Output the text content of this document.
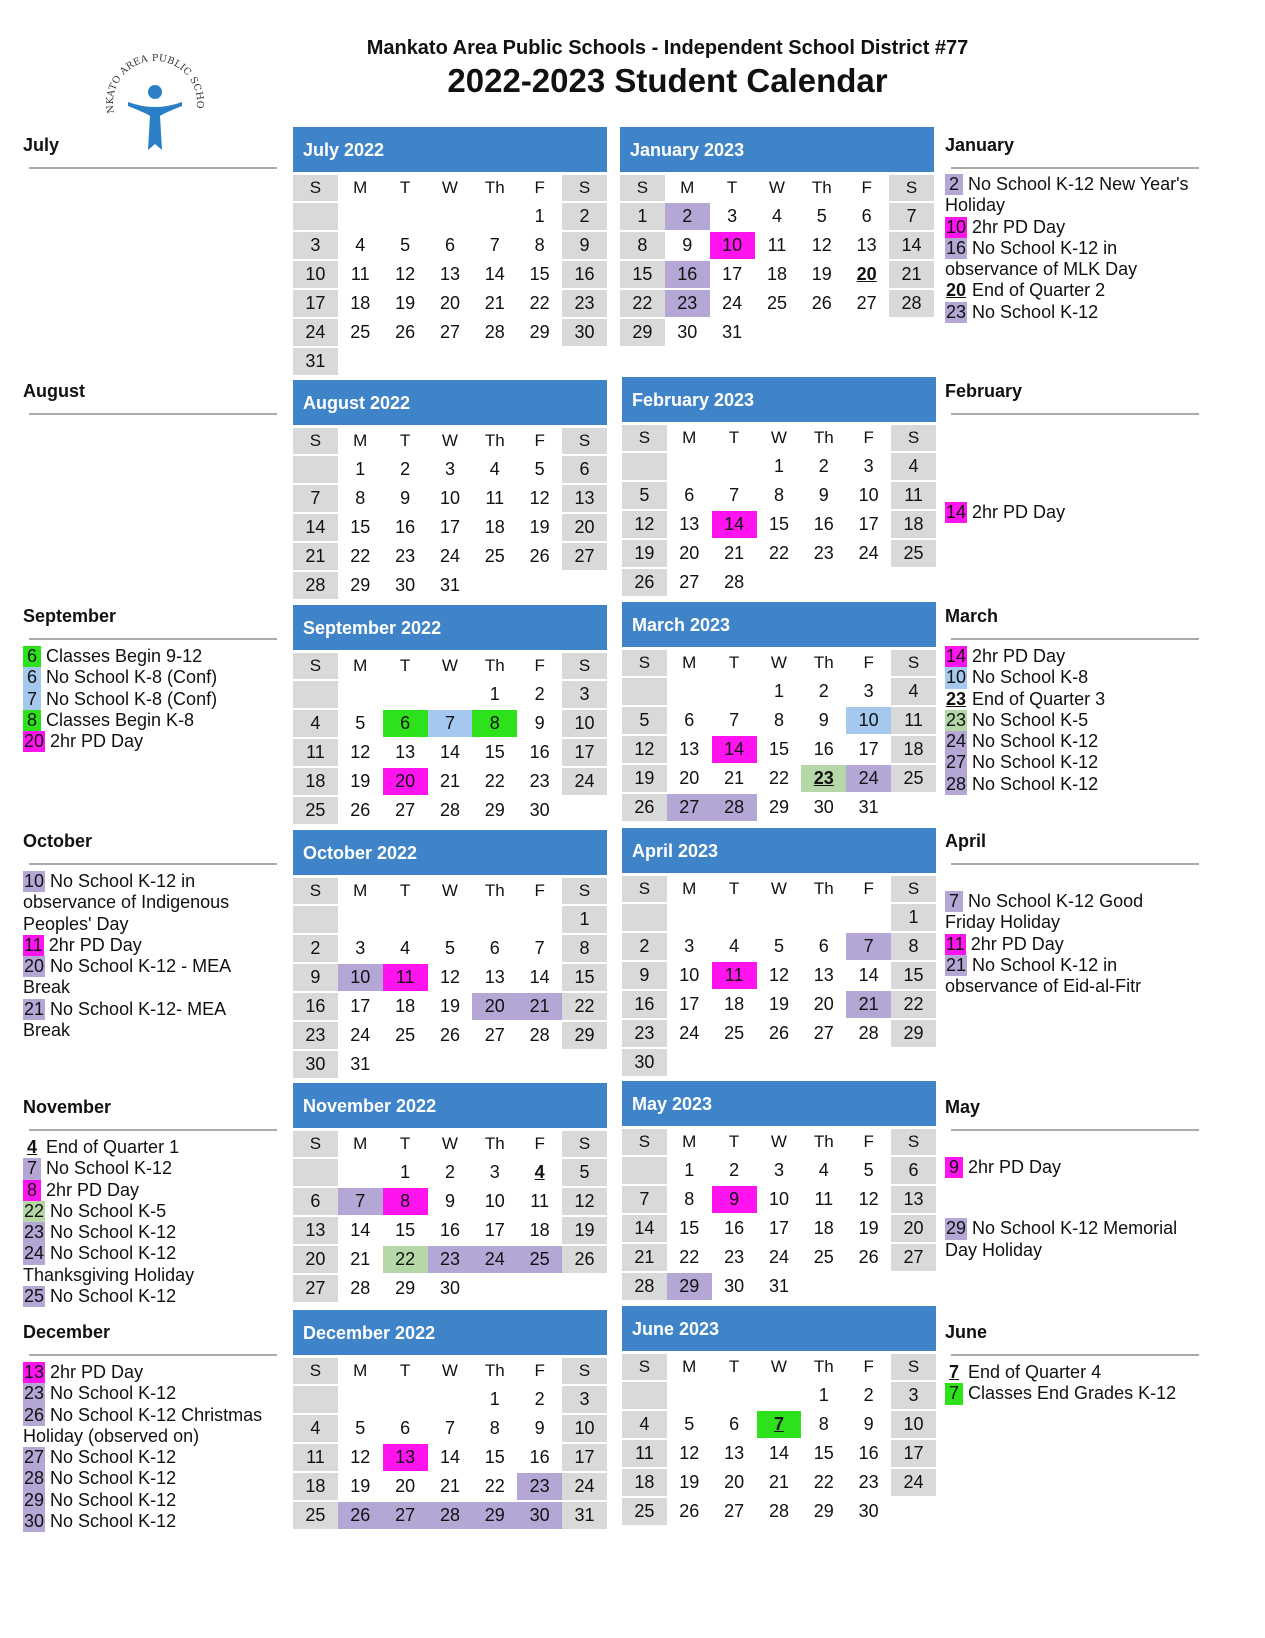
Mankato Area Public Schools - Independent School District #77
2022-2023 Student Calendar
NKATO AREA PUBLIC SCHO
July 2022
S	M	T	W	Th	F	S
					1	2
3	4	5	6	7	8	9
10	11	12	13	14	15	16
17	18	19	20	21	22	23
24	25	26	27	28	29	30
31						
August 2022
S	M	T	W	Th	F	S
	1	2	3	4	5	6
7	8	9	10	11	12	13
14	15	16	17	18	19	20
21	22	23	24	25	26	27
28	29	30	31			
September 2022
S	M	T	W	Th	F	S
				1	2	3
4	5	6	7	8	9	10
11	12	13	14	15	16	17
18	19	20	21	22	23	24
25	26	27	28	29	30	
October 2022
S	M	T	W	Th	F	S
						1
2	3	4	5	6	7	8
9	10	11	12	13	14	15
16	17	18	19	20	21	22
23	24	25	26	27	28	29
30	31					
November 2022
S	M	T	W	Th	F	S
		1	2	3	4	5
6	7	8	9	10	11	12
13	14	15	16	17	18	19
20	21	22	23	24	25	26
27	28	29	30			
December 2022
S	M	T	W	Th	F	S
				1	2	3
4	5	6	7	8	9	10
11	12	13	14	15	16	17
18	19	20	21	22	23	24
25	26	27	28	29	30	31
January 2023
S	M	T	W	Th	F	S
1	2	3	4	5	6	7
8	9	10	11	12	13	14
15	16	17	18	19	20	21
22	23	24	25	26	27	28
29	30	31				
February 2023
S	M	T	W	Th	F	S
			1	2	3	4
5	6	7	8	9	10	11
12	13	14	15	16	17	18
19	20	21	22	23	24	25
26	27	28				
March 2023
S	M	T	W	Th	F	S
			1	2	3	4
5	6	7	8	9	10	11
12	13	14	15	16	17	18
19	20	21	22	23	24	25
26	27	28	29	30	31	
April 2023
S	M	T	W	Th	F	S
						1
2	3	4	5	6	7	8
9	10	11	12	13	14	15
16	17	18	19	20	21	22
23	24	25	26	27	28	29
30						
May 2023
S	M	T	W	Th	F	S
	1	2	3	4	5	6
7	8	9	10	11	12	13
14	15	16	17	18	19	20
21	22	23	24	25	26	27
28	29	30	31			
June 2023
S	M	T	W	Th	F	S
				1	2	3
4	5	6	7	8	9	10
11	12	13	14	15	16	17
18	19	20	21	22	23	24
25	26	27	28	29	30	
July
August
September
6 Classes Begin 9-12
6 No School K-8 (Conf)
7 No School K-8 (Conf)
8 Classes Begin K-8
20 2hr PD Day
October
10 No School K-12 in observance of Indigenous Peoples' Day
11 2hr PD Day
20 No School K-12 - MEA Break
21 No School K-12- MEA Break
November
4 End of Quarter 1
7 No School K-12
8 2hr PD Day
22 No School K-5
23 No School K-12
24 No School K-12 Thanksgiving Holiday
25 No School K-12
December
13 2hr PD Day
23 No School K-12
26 No School K-12 Christmas Holiday (observed on)
27 No School K-12
28 No School K-12
29 No School K-12
30 No School K-12
January
2 No School K-12 New Year's Holiday
10 2hr PD Day
16 No School K-12 in observance of MLK Day
20 End of Quarter 2
23 No School K-12
February
14 2hr PD Day
March
14 2hr PD Day
10 No School K-8
23 End of Quarter 3
23 No School K-5
24 No School K-12
27 No School K-12
28 No School K-12
April
7 No School K-12 Good Friday Holiday
11 2hr PD Day
21 No School K-12 in observance of Eid-al-Fitr
May
9 2hr PD Day
29 No School K-12 Memorial Day Holiday
June
7 End of Quarter 4
7 Classes End Grades K-12
